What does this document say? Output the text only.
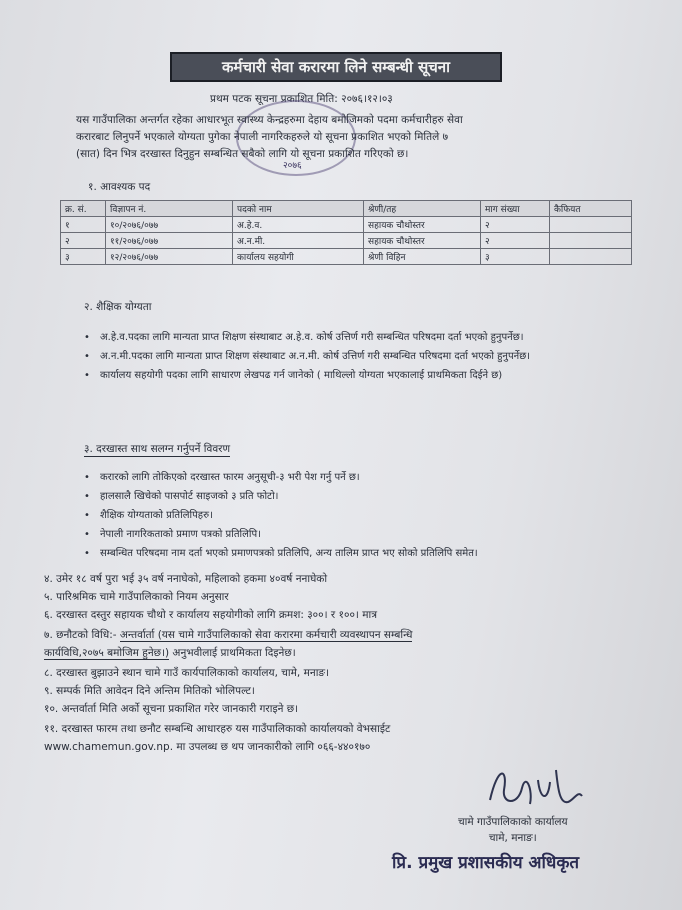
कर्मचारी सेवा करारमा लिने सम्बन्धी सूचना
प्रथम पटक सूचना प्रकाशित मिति: २०७६।१२।०३
२०७६
यस गाउँपालिका अन्तर्गत रहेका आधारभूत स्वास्थ्य केन्द्रहरुमा देहाय बमोजिमको पदमा कर्मचारीहरु सेवा
करारबाट लिनुपर्ने भएकाले योग्यता पुगेका नेपाली नागरिकहरुले यो सूचना प्रकाशित भएको मितिले ७
(सात) दिन भित्र दरखास्त दिनुहुन सम्बन्धित सबैको लागि यो सूचना प्रकाशित गरिएको छ।
१. आवश्यक पद
क्र. सं.	विज्ञापन नं.	पदको नाम	श्रेणी/तह	माग संख्या	कैफियत
१	१०/२०७६/०७७	अ.हे.व.	सहायक चौथोस्तर	२	
२	११/२०७६/०७७	अ.न.मी.	सहायक चौथोस्तर	२	
३	१२/२०७६/०७७	कार्यालय सहयोगी	श्रेणी विहिन	३	
२. शैक्षिक योग्यता
• अ.हे.व.पदका लागि मान्यता प्राप्त शिक्षण संस्थाबाट अ.हे.व. कोर्ष उत्तिर्ण गरी सम्बन्धित परिषदमा दर्ता भएको हुनुपर्नेछ।
• अ.न.मी.पदका लागि मान्यता प्राप्त शिक्षण संस्थाबाट अ.न.मी. कोर्ष उत्तिर्ण गरी सम्बन्धित परिषदमा दर्ता भएको हुनुपर्नेछ।
• कार्यालय सहयोगी पदका लागि साधारण लेखपढ गर्न जानेको ( माथिल्लो योग्यता भएकालाई प्राथमिकता दिईने छ)
३. दरखास्त साथ सलग्न गर्नुपर्ने विवरण
• करारको लागि तोकिएको दरखास्त फारम अनुसूची-३ भरी पेश गर्नु पर्ने छ।
• हालसालै खिचेको पासपोर्ट साइजको ३ प्रति फोटो।
• शैक्षिक योग्यताको प्रतिलिपिहरु।
• नेपाली नागरिकताको प्रमाण पत्रको प्रतिलिपि।
• सम्बन्धित परिषदमा नाम दर्ता भएको प्रमाणपत्रको प्रतिलिपि, अन्य तालिम प्राप्त भए सोको प्रतिलिपि समेत।
४. उमेर १८ वर्ष पुरा भई ३५ वर्ष ननाघेको, महिलाको हकमा ४०वर्ष ननाघेको
५. पारिश्रमिक चामे गाउँपालिकाको नियम अनुसार
६. दरखास्त दस्तुर सहायक चौथो र कार्यालय सहयोगीको लागि क्रमश: ३००। र १००। मात्र
७. छनौटको विधि:- अन्तर्वार्ता (यस चामे गाउँपालिकाको सेवा करारमा कर्मचारी व्यवस्थापन सम्बन्धि
कार्यविधि,२०७५ बमोजिम हुनेछ।) अनुभवीलाई प्राथमिकता दिइनेछ।
८. दरखास्त बुझाउने स्थान चामे गाउँ कार्यपालिकाको कार्यालय, चामे, मनाङ।
९. सम्पर्क मिति आवेदन दिने अन्तिम मितिको भोलिपल्ट।
१०. अन्तर्वार्ता मिति अर्को सूचना प्रकाशित गरेर जानकारी गराइने छ।
११. दरखास्त फारम तथा छनौट सम्बन्धि आधारहरु यस गाउँपालिकाको कार्यालयको वेभसाईट
www.chamemun.gov.np. मा उपलब्ध छ थप जानकारीको लागि ०६६-४४०१७०
चामे गाउँपालिकाको कार्यालय
चामे, मनाङ।
प्रि. प्रमुख प्रशासकीय अधिकृत
